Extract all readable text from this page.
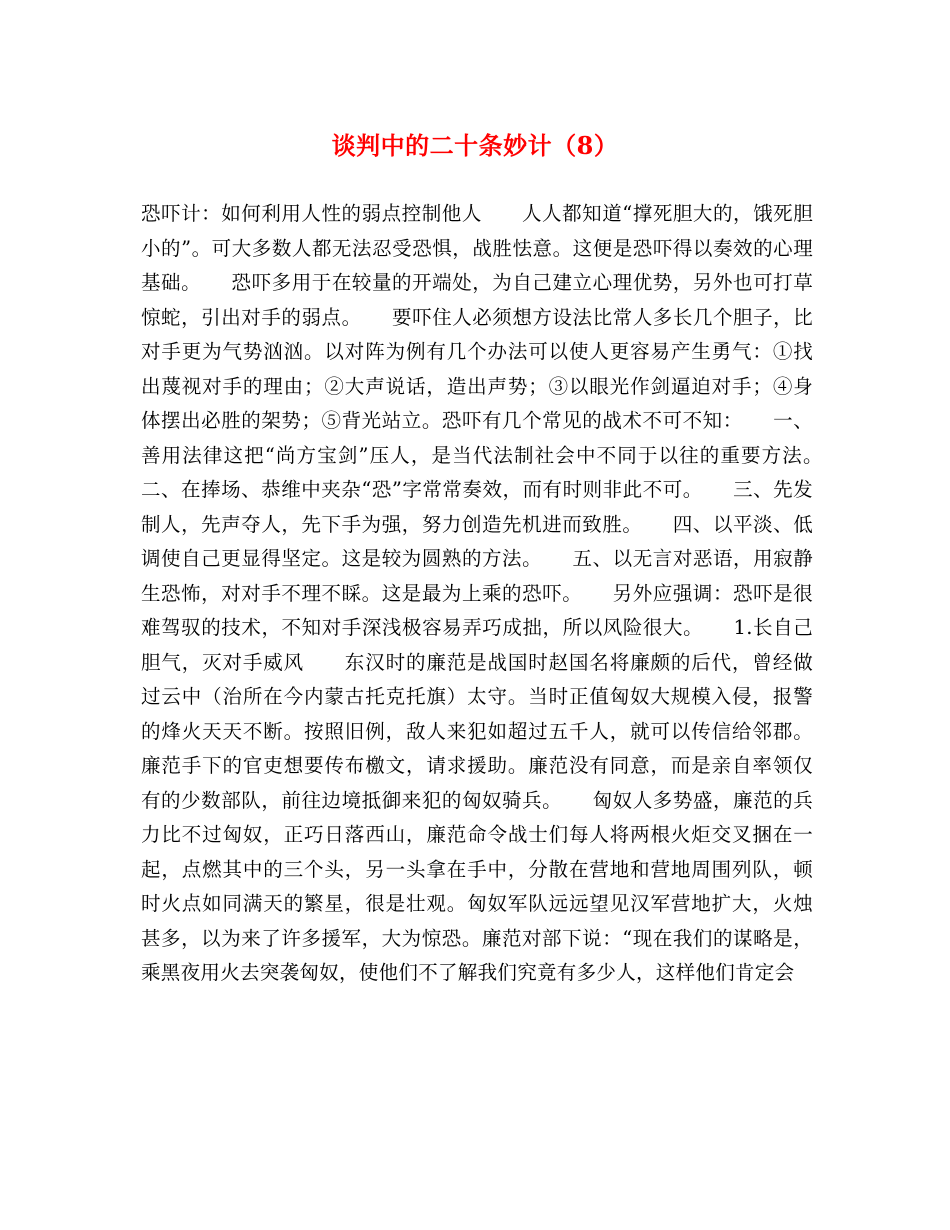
谈判中的二十条妙计（8）

恐吓计：如何利用人性的弱点控制他人　　人人都知道“撑死胆大的，饿死胆小的”。可大多数人都无法忍受恐惧，战胜怯意。这便是恐吓得以奏效的心理基础。　　恐吓多用于在较量的开端处，为自己建立心理优势，另外也可打草惊蛇，引出对手的弱点。　　要吓住人必须想方设法比常人多长几个胆子，比对手更为气势汹汹。以对阵为例有几个办法可以使人更容易产生勇气：①找出蔑视对手的理由；②大声说话，造出声势；③以眼光作剑逼迫对手；④身体摆出必胜的架势；⑤背光站立。恐吓有几个常见的战术不可不知：　　一、善用法律这把“尚方宝剑”压人，是当代法制社会中不同于以往的重要方法。　　二、在捧场、恭维中夹杂“恐”字常常奏效，而有时则非此不可。　　三、先发制人，先声夺人，先下手为强，努力创造先机进而致胜。　　四、以平淡、低调使自己更显得坚定。这是较为圆熟的方法。　　五、以无言对恶语，用寂静生恐怖，对对手不理不睬。这是最为上乘的恐吓。　　另外应强调：恐吓是很难驾驭的技术，不知对手深浅极容易弄巧成拙，所以风险很大。　　1.长自己胆气，灭对手威风　　东汉时的廉范是战国时赵国名将廉颇的后代，曾经做过云中（治所在今内蒙古托克托旗）太守。当时正值匈奴大规模入侵，报警的烽火天天不断。按照旧例，敌人来犯如超过五千人，就可以传信给邻郡。廉范手下的官吏想要传布檄文，请求援助。廉范没有同意，而是亲自率领仅有的少数部队，前往边境抵御来犯的匈奴骑兵。　　匈奴人多势盛，廉范的兵力比不过匈奴，正巧日落西山，廉范命令战士们每人将两根火炬交叉捆在一起，点燃其中的三个头，另一头拿在手中，分散在营地和营地周围列队，顿时火点如同满天的繁星，很是壮观。匈奴军队远远望见汉军营地扩大，火烛甚多，以为来了许多援军，大为惊恐。廉范对部下说：“现在我们的谋略是，乘黑夜用火去突袭匈奴，使他们不了解我们究竟有多少人，这样他们肯定会
